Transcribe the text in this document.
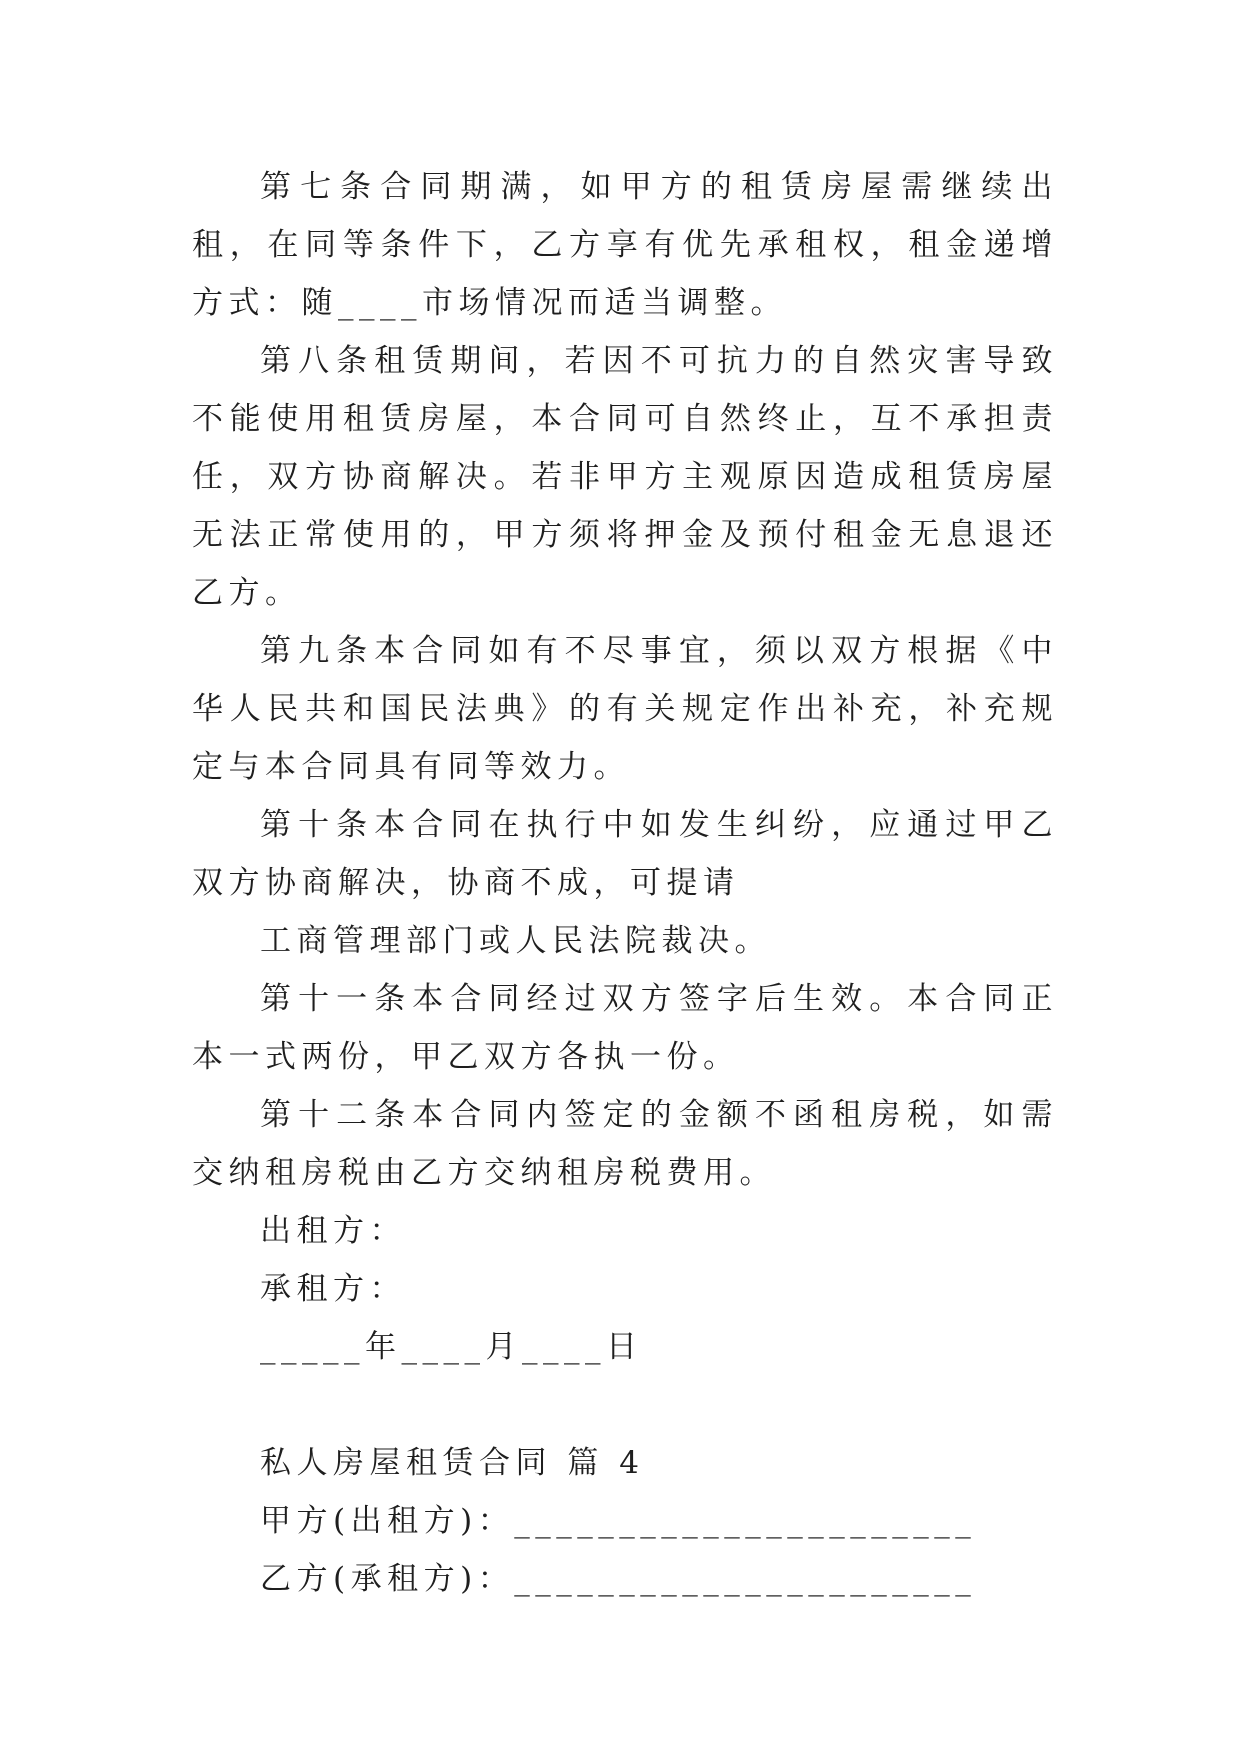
第七条合同期满，如甲方的租赁房屋需继续出租，在同等条件下，乙方享有优先承租权，租金递增方式：随____市场情况而适当调整。

第八条租赁期间，若因不可抗力的自然灾害导致不能使用租赁房屋，本合同可自然终止，互不承担责任，双方协商解决。若非甲方主观原因造成租赁房屋无法正常使用的，甲方须将押金及预付租金无息退还乙方。

第九条本合同如有不尽事宜，须以双方根据《中华人民共和国民法典》的有关规定作出补充，补充规定与本合同具有同等效力。

第十条本合同在执行中如发生纠纷，应通过甲乙双方协商解决，协商不成，可提请

工商管理部门或人民法院裁决。

第十一条本合同经过双方签字后生效。本合同正本一式两份，甲乙双方各执一份。

第十二条本合同内签定的金额不函租房税，如需交纳租房税由乙方交纳租房税费用。

出租方：

承租方：

_____年____月____日

私人房屋租赁合同 篇 4

甲方(出租方)：______________________

乙方(承租方)：______________________
